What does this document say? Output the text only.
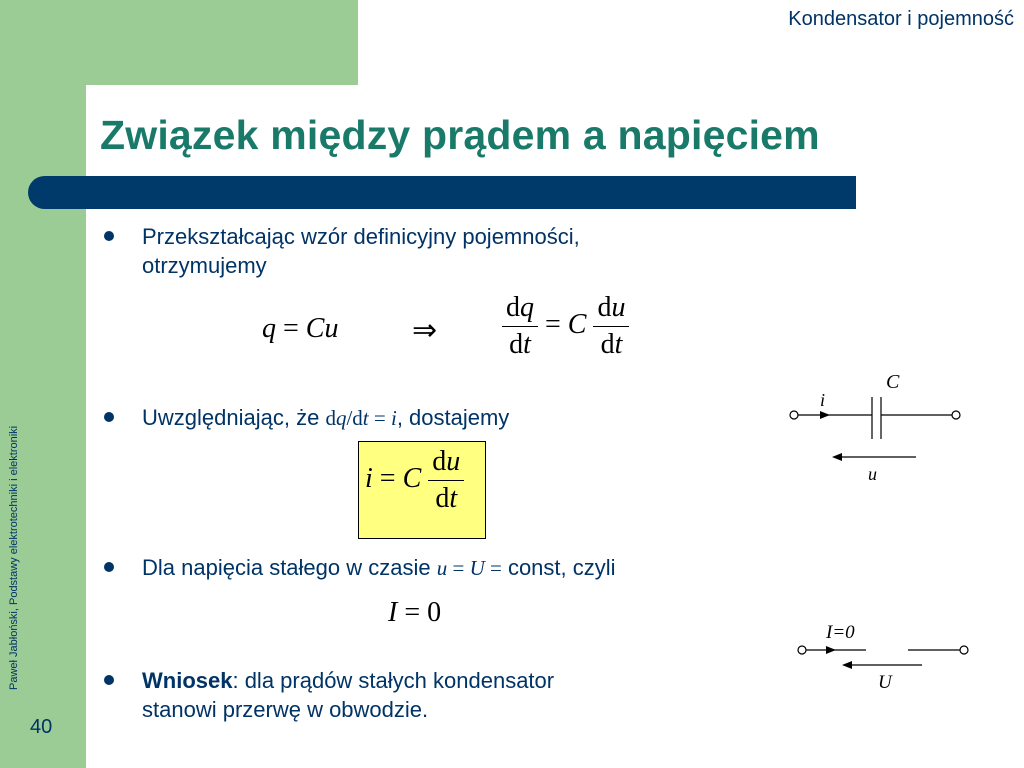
Kondensator i pojemność
Związek między prądem a napięciem
Paweł Jabłoński, Podstawy elektrotechniki i elektroniki
40
Przekształcając wzór definicyjny pojemności,
otrzymujemy
q = Cu ⇒ $\frac{dq}{dt} = C \frac{du}{dt}$
Uwzględniając, że dq/dt = i, dostajemy
i = C $\frac{du}{dt}$
Dla napięcia stałego w czasie u = U = const, czyli
I = 0
Wniosek: dla prądów stałych kondensator
stanowi przerwę w obwodzie.
C
i
u
I=0
U
